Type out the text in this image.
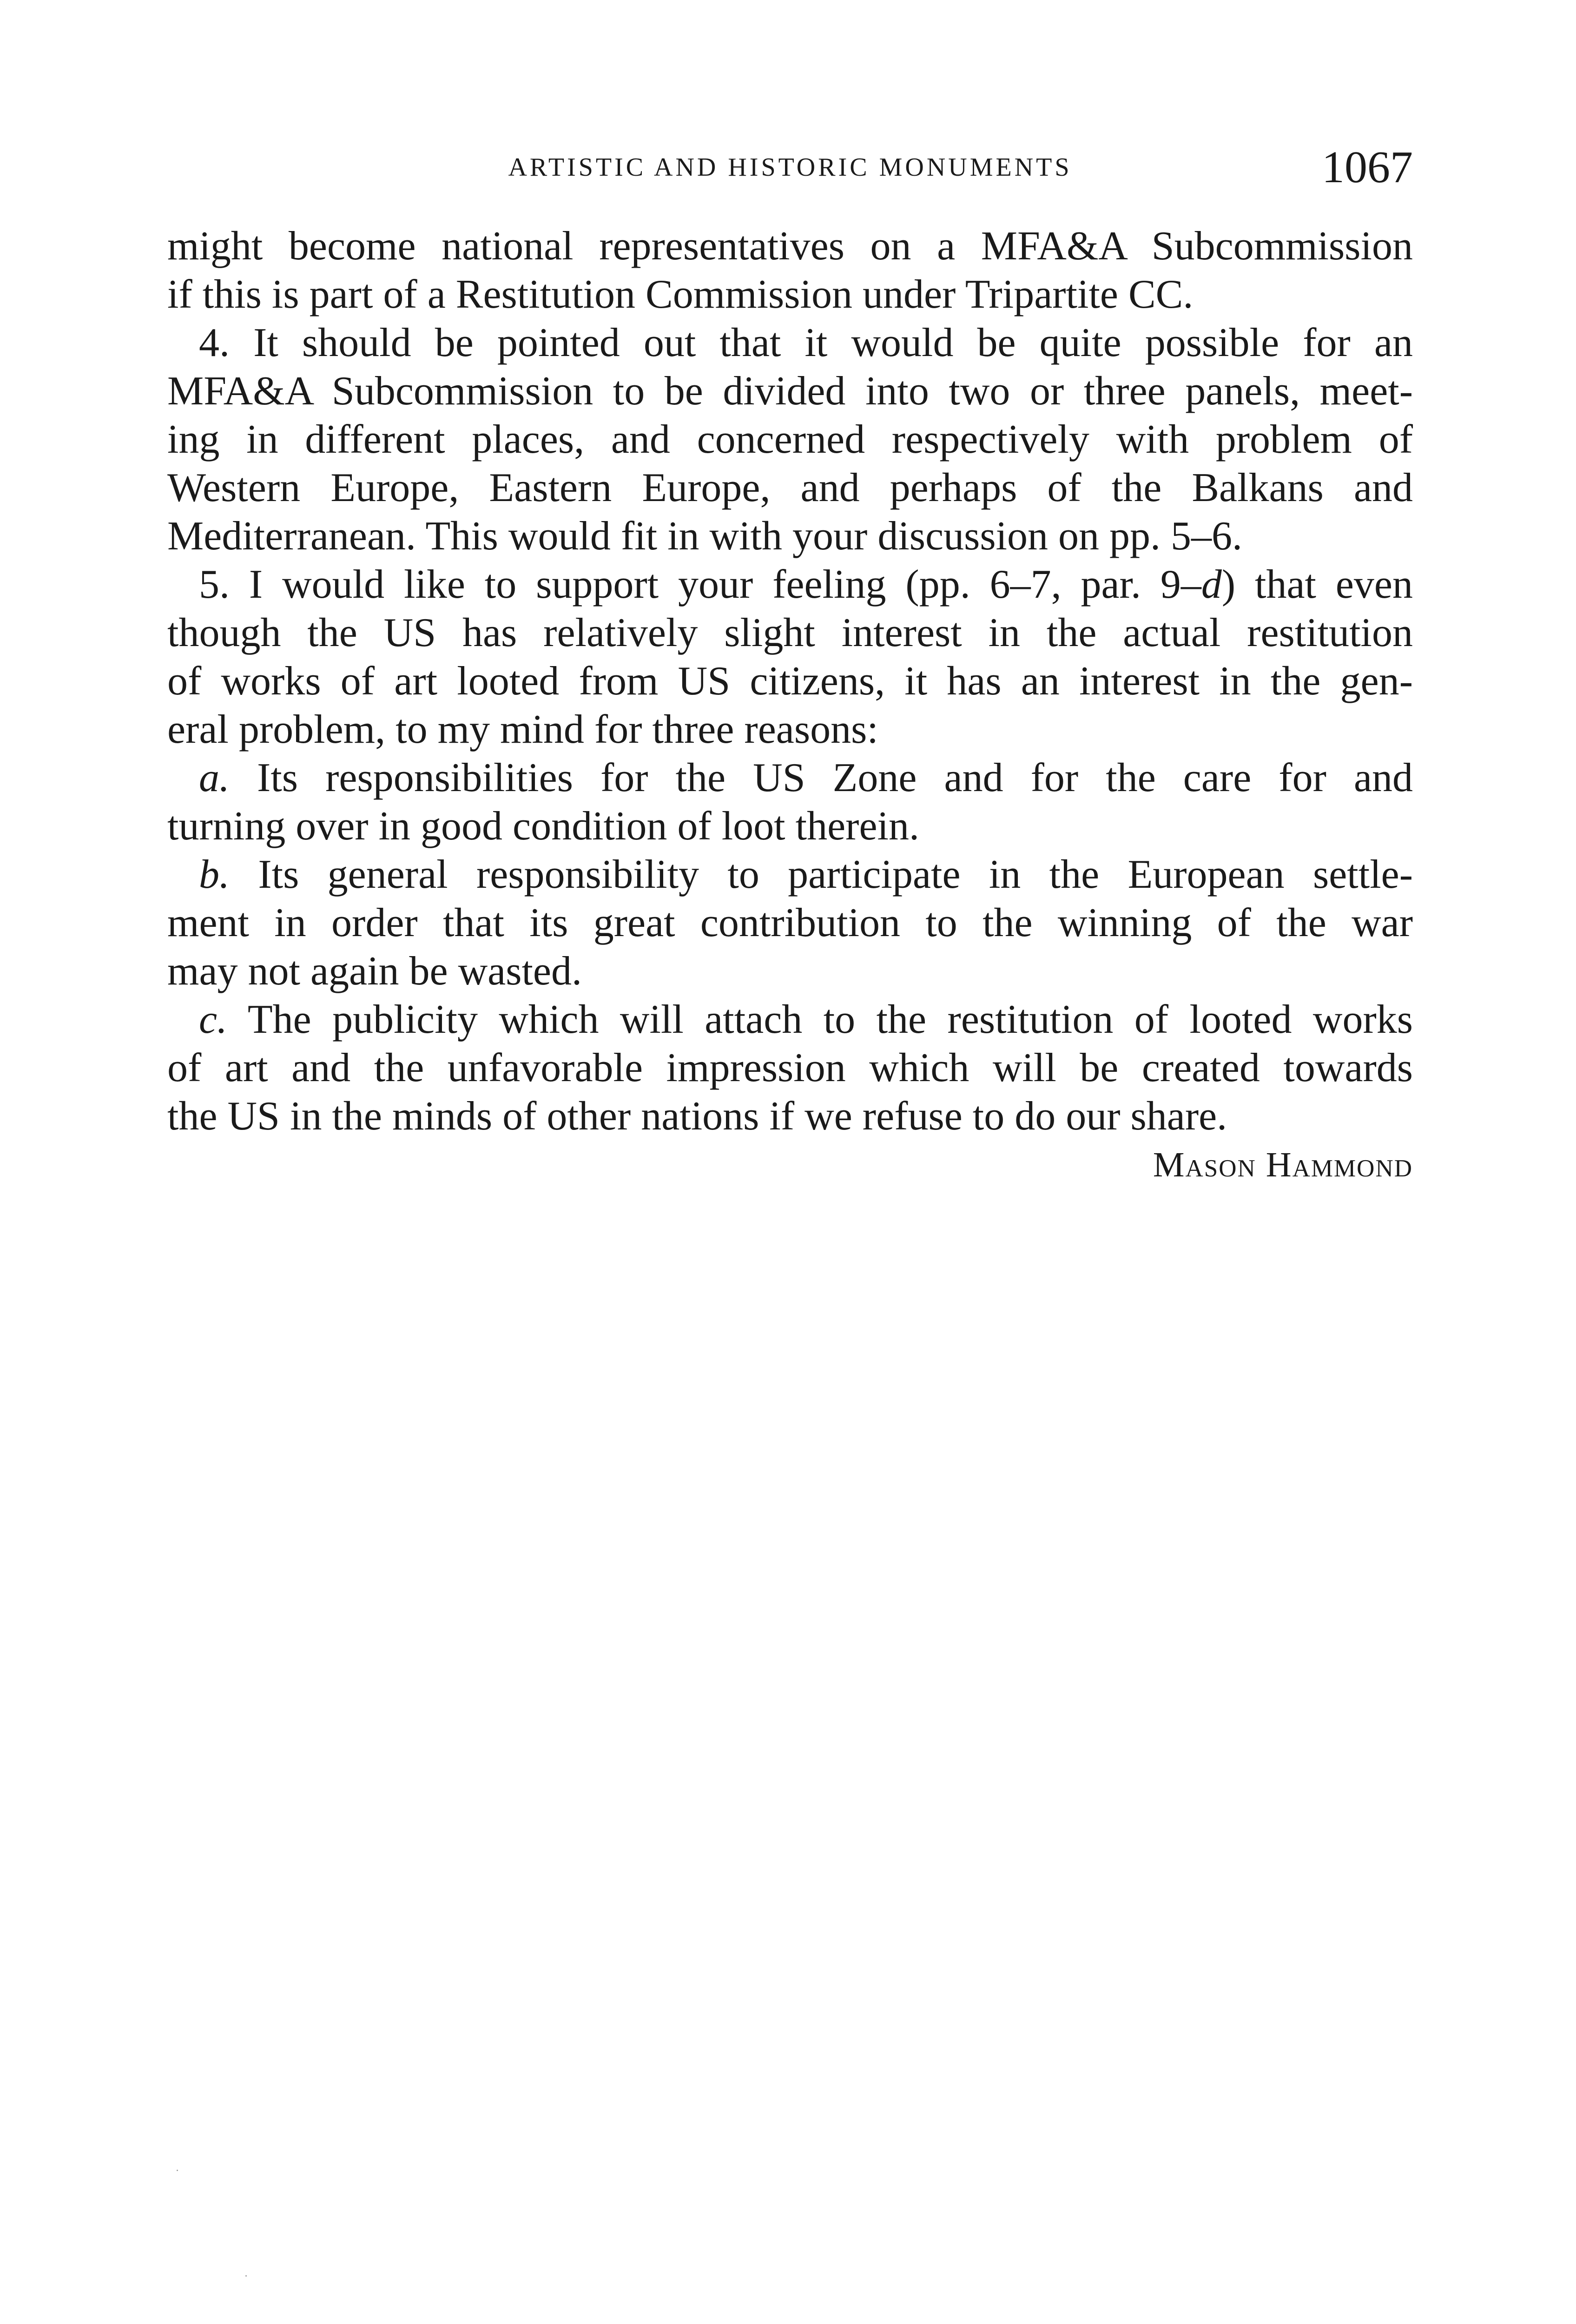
ARTISTIC AND HISTORIC MONUMENTS	1067
might become national representatives on a MFA&A Subcommission
if this is part of a Restitution Commission under Tripartite CC.
4. It should be pointed out that it would be quite possible for an
MFA&A Subcommission to be divided into two or three panels, meet-
ing in different places, and concerned respectively with problem of
Western Europe, Eastern Europe, and perhaps of the Balkans and
Mediterranean. This would fit in with your discussion on pp. 5–6.
5. I would like to support your feeling (pp. 6–7, par. 9–d) that even
though the US has relatively slight interest in the actual restitution
of works of art looted from US citizens, it has an interest in the gen-
eral problem, to my mind for three reasons:
a. Its responsibilities for the US Zone and for the care for and
turning over in good condition of loot therein.
b. Its general responsibility to participate in the European settle-
ment in order that its great contribution to the winning of the war
may not again be wasted.
c. The publicity which will attach to the restitution of looted works
of art and the unfavorable impression which will be created towards
the US in the minds of other nations if we refuse to do our share.
Mason Hammond
